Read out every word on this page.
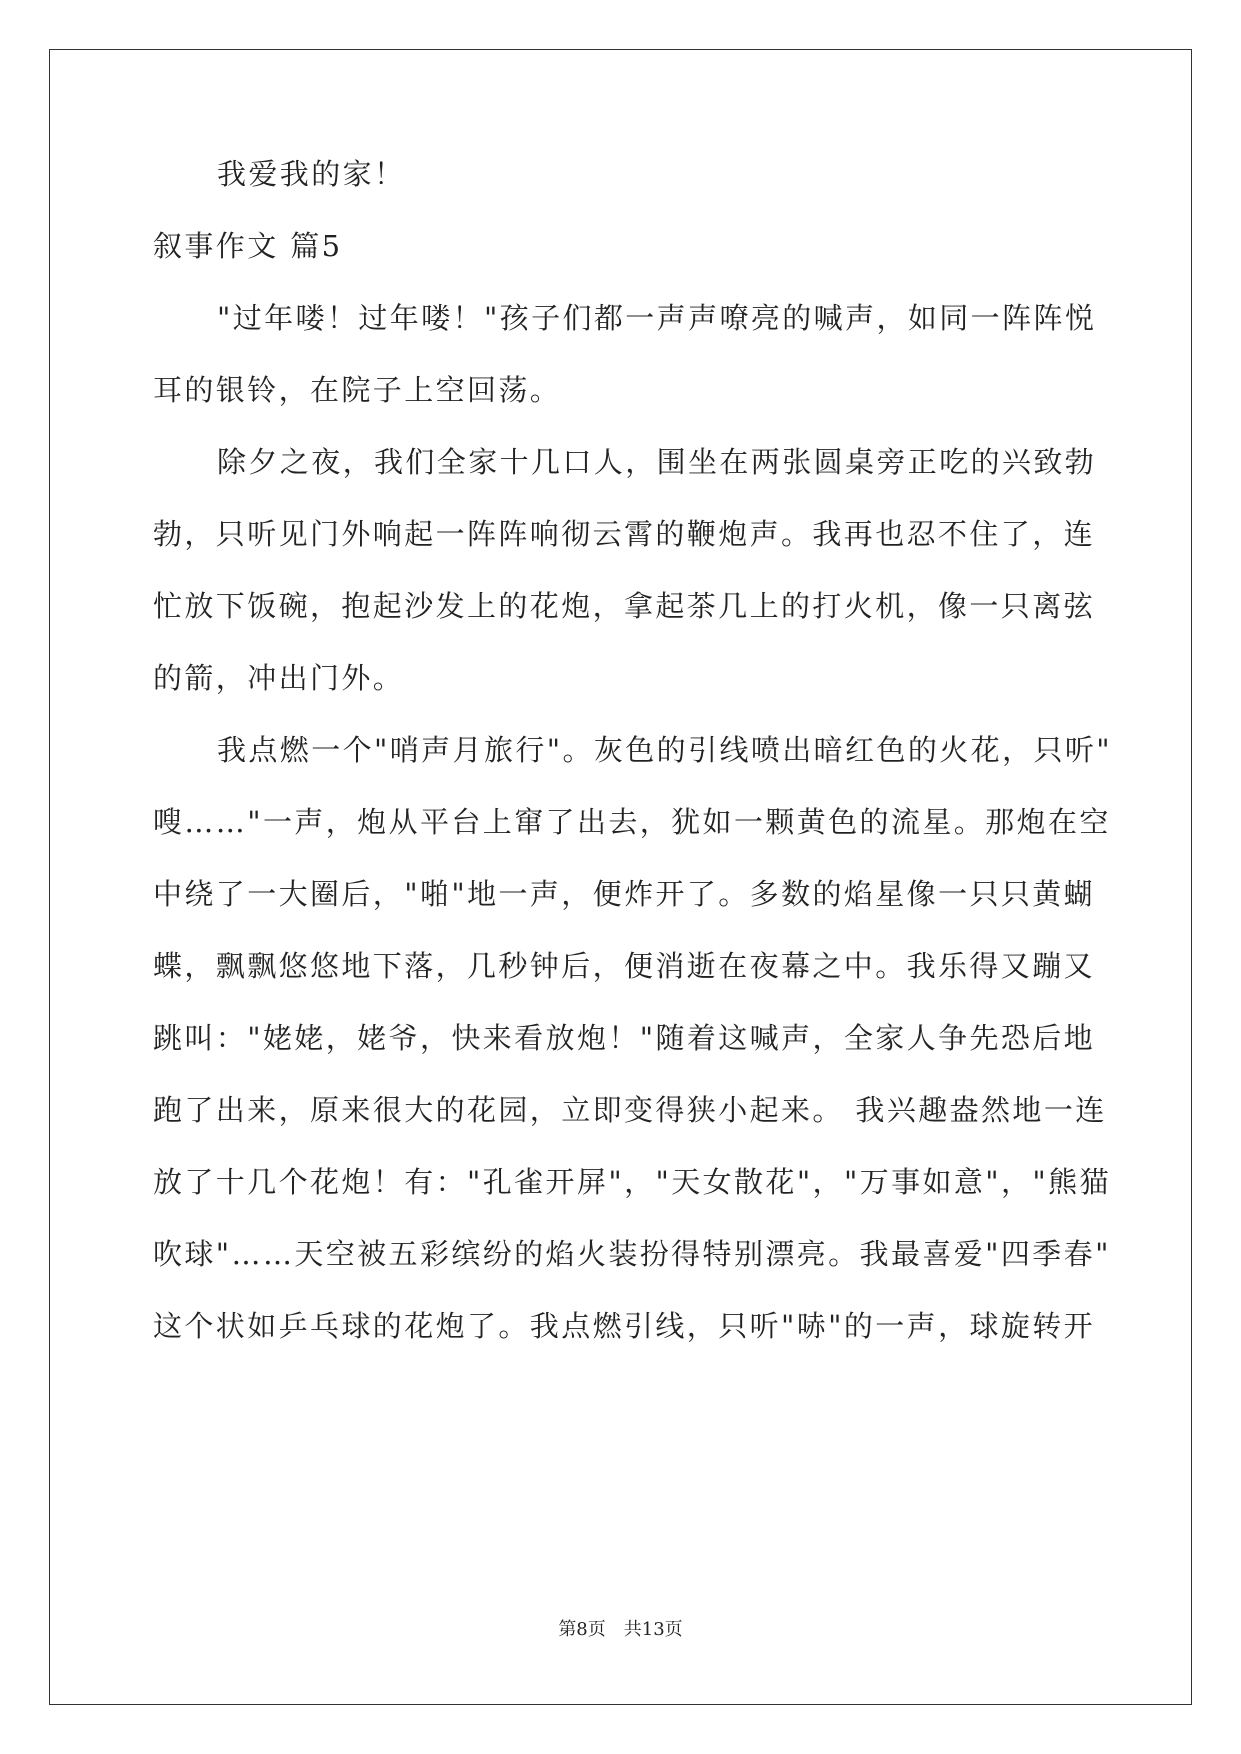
我爱我的家！
叙事作文 篇5
"过年喽！过年喽！"孩子们都一声声嘹亮的喊声，如同一阵阵悦
耳的银铃，在院子上空回荡。
除夕之夜，我们全家十几口人，围坐在两张圆桌旁正吃的兴致勃
勃，只听见门外响起一阵阵响彻云霄的鞭炮声。我再也忍不住了，连
忙放下饭碗，抱起沙发上的花炮，拿起茶几上的打火机，像一只离弦
的箭，冲出门外。
我点燃一个"哨声月旅行"。灰色的引线喷出暗红色的火花，只听"
嗖……"一声，炮从平台上窜了出去，犹如一颗黄色的流星。那炮在空
中绕了一大圈后，"啪"地一声，便炸开了。多数的焰星像一只只黄蝴
蝶，飘飘悠悠地下落，几秒钟后，便消逝在夜幕之中。我乐得又蹦又
跳叫："姥姥，姥爷，快来看放炮！"随着这喊声，全家人争先恐后地
跑了出来，原来很大的花园，立即变得狭小起来。 我兴趣盎然地一连
放了十几个花炮！有："孔雀开屏"，"天女散花"，"万事如意"，"熊猫
吹球"……天空被五彩缤纷的焰火装扮得特别漂亮。我最喜爱"四季春"
这个状如乒乓球的花炮了。我点燃引线，只听"哧"的一声，球旋转开
第8页　共13页
